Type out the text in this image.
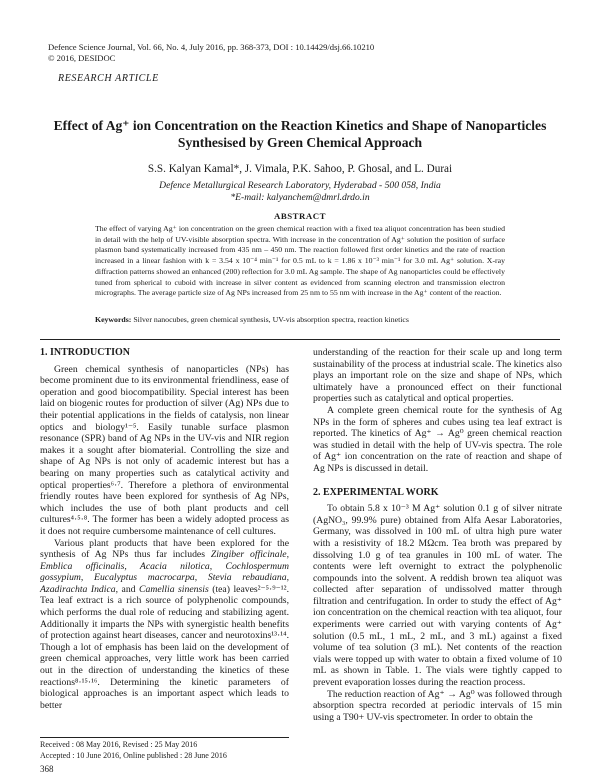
Defence Science Journal, Vol. 66, No. 4, July 2016, pp. 368-373, DOI : 10.14429/dsj.66.10210
© 2016, DESIDOC
RESEARCH ARTICLE
Effect of Ag⁺ ion Concentration on the Reaction Kinetics and Shape of Nanoparticles Synthesised by Green Chemical Approach
S.S. Kalyan Kamal*, J. Vimala, P.K. Sahoo, P. Ghosal, and L. Durai
Defence Metallurgical Research Laboratory, Hyderabad - 500 058, India
*E-mail: kalyanchem@dmrl.drdo.in
ABSTRACT
The effect of varying Ag⁺ ion concentration on the green chemical reaction with a fixed tea aliquot concentration has been studied in detail with the help of UV-visible absorption spectra. With increase in the concentration of Ag⁺ solution the position of surface plasmon band systematically increased from 435 nm – 450 nm. The reaction followed first order kinetics and the rate of reaction increased in a linear fashion with k = 3.54 x 10⁻⁴ min⁻¹ for 0.5 mL to k = 1.86 x 10⁻³ min⁻¹ for 3.0 mL Ag⁺ solution. X-ray diffraction patterns showed an enhanced (200) reflection for 3.0 mL Ag sample. The shape of Ag nanoparticles could be effectively tuned from spherical to cuboid with increase in silver content as evidenced from scanning electron and transmission electron micrographs. The average particle size of Ag NPs increased from 25 nm to 55 nm with increase in the Ag⁺ content of the reaction.
Keywords: Silver nanocubes, green chemical synthesis, UV-vis absorption spectra, reaction kinetics
1. INTRODUCTION

Green chemical synthesis of nanoparticles (NPs) has become prominent due to its environmental friendliness, ease of operation and good biocompatibility. Special interest has been laid on biogenic routes for production of silver (Ag) NPs due to their potential applications in the fields of catalysis, non linear optics and biology¹⁻⁵. Easily tunable surface plasmon resonance (SPR) band of Ag NPs in the UV-vis and NIR region makes it a sought after biomaterial. Controlling the size and shape of Ag NPs is not only of academic interest but has a bearing on many properties such as catalytical activity and optical properties⁶·⁷. Therefore a plethora of environmental friendly routes have been explored for synthesis of Ag NPs, which includes the use of both plant products and cell cultures⁴·⁵·⁸. The former has been a widely adopted process as it does not require cumbersome maintenance of cell cultures.

Various plant products that have been explored for the synthesis of Ag NPs thus far includes Zingiber officinale, Emblica officinalis, Acacia nilotica, Cochlospermum gossypium, Eucalyptus macrocarpa, Stevia rebaudiana, Azadirachta Indica, and Camellia sinensis (tea) leaves²⁻⁵·⁹⁻¹². Tea leaf extract is a rich source of polyphenolic compounds, which performs the dual role of reducing and stabilizing agent. Additionally it imparts the NPs with synergistic health benefits of protection against heart diseases, cancer and neurotoxins¹³·¹⁴. Though a lot of emphasis has been laid on the development of green chemical approaches, very little work has been carried out in the direction of understanding the kinetics of these reactions⁸·¹⁵·¹⁶. Determining the kinetic parameters of biological approaches is an important aspect which leads to better

understanding of the reaction for their scale up and long term sustainability of the process at industrial scale. The kinetics also plays an important role on the size and shape of NPs, which ultimately have a pronounced effect on their functional properties such as catalytical and optical properties.

A complete green chemical route for the synthesis of Ag NPs in the form of spheres and cubes using tea leaf extract is reported. The kinetics of Ag⁺ → Ag⁰ green chemical reaction was studied in detail with the help of UV-vis spectra. The role of Ag⁺ ion concentration on the rate of reaction and shape of Ag NPs is discussed in detail.

2. EXPERIMENTAL WORK

To obtain 5.8 x 10⁻³ M Ag⁺ solution 0.1 g of silver nitrate (AgNO₃, 99.9% pure) obtained from Alfa Aesar Laboratories, Germany, was dissolved in 100 mL of ultra high pure water with a resistivity of 18.2 MΩcm. Tea broth was prepared by dissolving 1.0 g of tea granules in 100 mL of water. The contents were left overnight to extract the polyphenolic compounds into the solvent. A reddish brown tea aliquot was collected after separation of undissolved matter through filtration and centrifugation. In order to study the effect of Ag⁺ ion concentration on the chemical reaction with tea aliquot, four experiments were carried out with varying contents of Ag⁺ solution (0.5 mL, 1 mL, 2 mL, and 3 mL) against a fixed volume of tea solution (3 mL). Net contents of the reaction vials were topped up with water to obtain a fixed volume of 10 mL as shown in Table. 1. The vials were tightly capped to prevent evaporation losses during the reaction process.

The reduction reaction of Ag⁺ → Ag⁰ was followed through absorption spectra recorded at periodic intervals of 15 min using a T90+ UV-vis spectrometer. In order to obtain the

Received : 08 May 2016, Revised : 25 May 2016
Accepted : 10 June 2016, Online published : 28 June 2016
368
